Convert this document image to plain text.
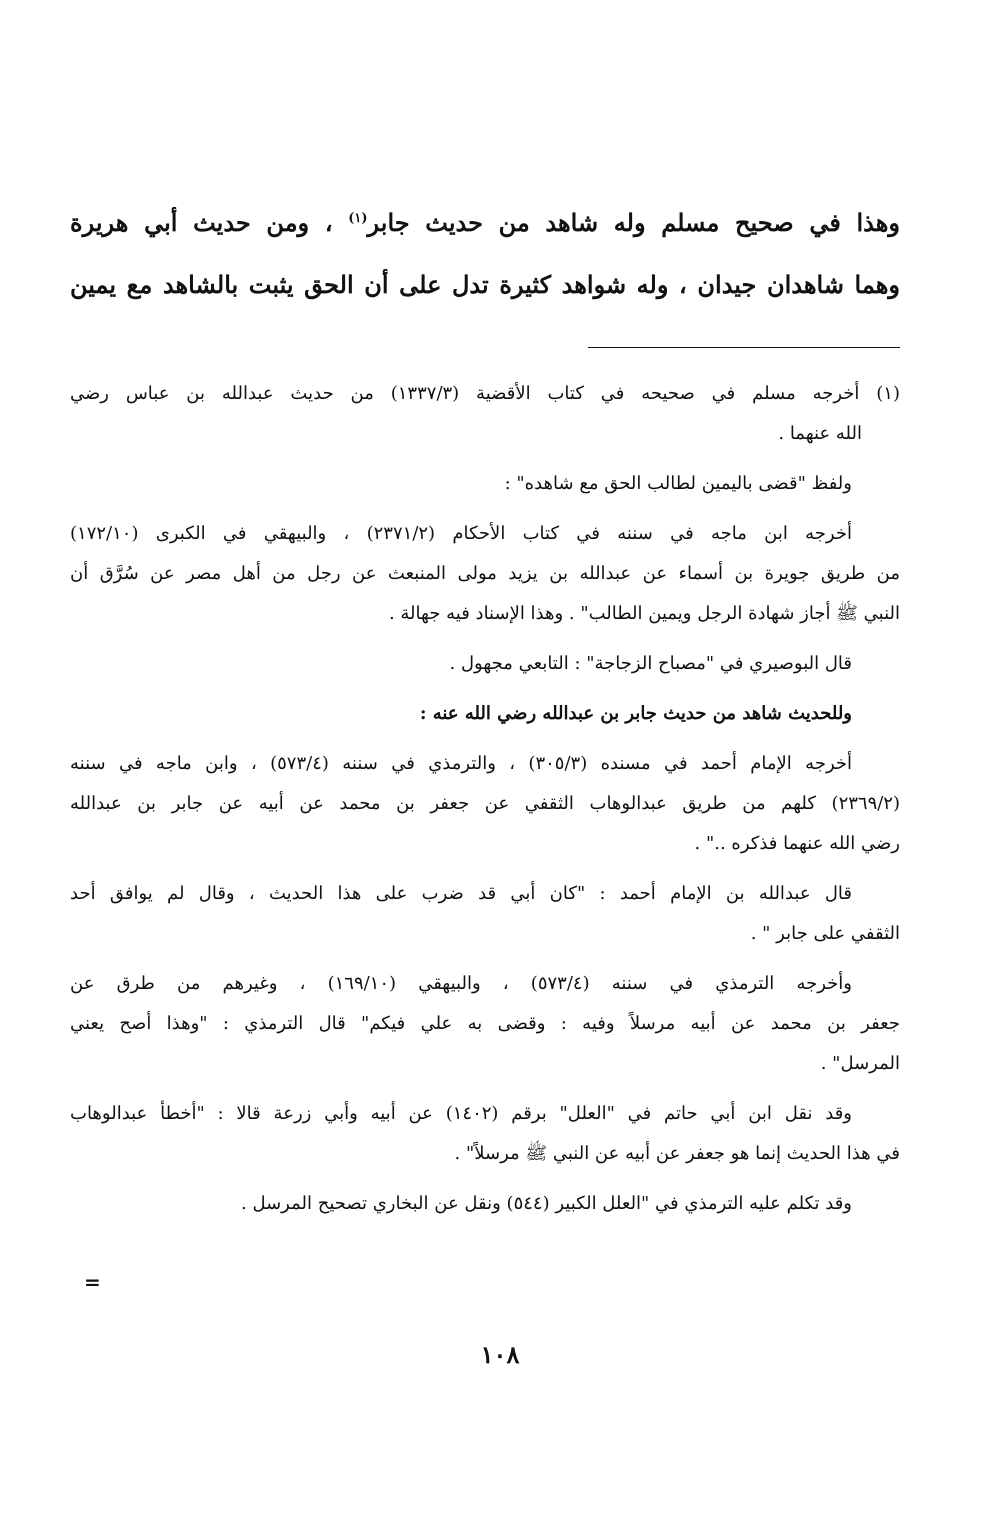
وهذا في صحيح مسلم وله شاهد من حديث جابر$^{(١)}$ ، ومن حديث أبي هريرة
وهما شاهدان جيدان ، وله شواهد كثيرة تدل على أن الحق يثبت بالشاهد مع يمين
(١) أخرجه مسلم في صحيحه في كتاب الأقضية (١٣٣٧/٣) من حديث عبدالله بن عباس رضي
الله عنهما .
ولفظ "قضى باليمين لطالب الحق مع شاهده" :
أخرجه ابن ماجه في سننه في كتاب الأحكام (٢٣٧١/٢) ، والبيهقي في الكبرى (١٧٢/١٠)
من طريق جويرة بن أسماء عن عبدالله بن يزيد مولى المنبعث عن رجل من أهل مصر عن سُرَّق أن
النبي ﷺ أجاز شهادة الرجل ويمين الطالب" . وهذا الإسناد فيه جهالة .
قال البوصيري في "مصباح الزجاجة" : التابعي مجهول .
وللحديث شاهد من حديث جابر بن عبدالله رضي الله عنه :
أخرجه الإمام أحمد في مسنده (٣٠٥/٣) ، والترمذي في سننه (٥٧٣/٤) ، وابن ماجه في سننه
(٢٣٦٩/٢) كلهم من طريق عبدالوهاب الثقفي عن جعفر بن محمد عن أبيه عن جابر بن عبدالله
رضي الله عنهما فذكره .." .
قال عبدالله بن الإمام أحمد : "كان أبي قد ضرب على هذا الحديث ، وقال لم يوافق أحد
الثقفي على جابر " .
وأخرجه الترمذي في سننه (٥٧٣/٤) ، والبيهقي (١٦٩/١٠) ، وغيرهم من طرق عن
جعفر بن محمد عن أبيه مرسلاً وفيه : وقضى به علي فيكم" قال الترمذي : "وهذا أصح يعني
المرسل" .
وقد نقل ابن أبي حاتم في "العلل" برقم (١٤٠٢) عن أبيه وأبي زرعة قالا : "أخطأ عبدالوهاب
في هذا الحديث إنما هو جعفر عن أبيه عن النبي ﷺ مرسلاً" .
وقد تكلم عليه الترمذي في "العلل الكبير (٥٤٤) ونقل عن البخاري تصحيح المرسل .
=
١٠٨
